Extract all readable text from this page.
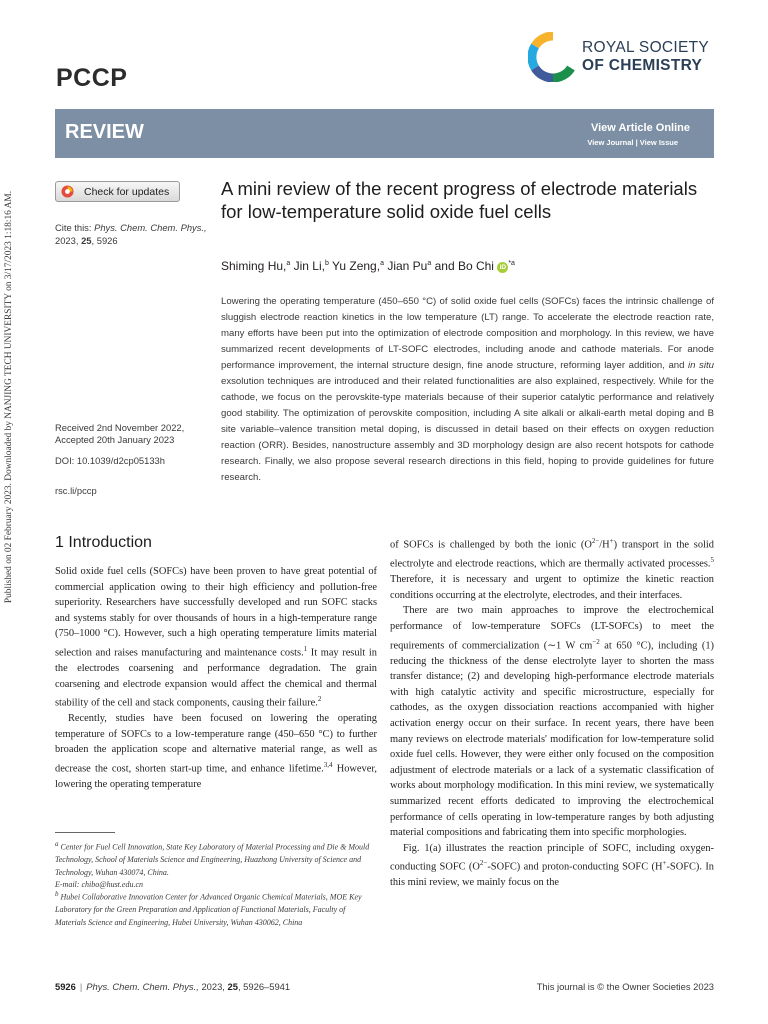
Published on 02 February 2023. Downloaded by NANJING TECH UNIVERSITY on 3/17/2023 1:18:16 AM.
PCCP
ROYAL SOCIETY
OF CHEMISTRY
REVIEW	View Article Online
View Journal | View Issue
Check for updates
Cite this: Phys. Chem. Chem. Phys., 2023, 25, 5926
A mini review of the recent progress of electrode materials for low-temperature solid oxide fuel cells
Shiming Hu,$^a$ Jin Li,$^b$ Yu Zeng,$^a$ Jian Pu$^a$ and Bo Chi $iD^{*a}$
Lowering the operating temperature (450–650 °C) of solid oxide fuel cells (SOFCs) faces the intrinsic challenge of sluggish electrode reaction kinetics in the low temperature (LT) range. To accelerate the electrode reaction rate, many efforts have been put into the optimization of electrode composition and morphology. In this review, we have summarized recent developments of LT-SOFC electrodes, including anode and cathode materials. For anode performance improvement, the internal structure design, fine anode structure, reforming layer addition, and in situ exsolution techniques are introduced and their related functionalities are also explained, respectively. While for the cathode, we focus on the perovskite-type materials because of their superior catalytic performance and relatively good stability. The optimization of perovskite composition, including A site alkali or alkali-earth metal doping and B site variable–valence transition metal doping, is discussed in detail based on their effects on oxygen reduction reaction (ORR). Besides, nanostructure assembly and 3D morphology design are also recent hotspots for cathode research. Finally, we also propose several research directions in this field, hoping to provide guidelines for future research.
Received 2nd November 2022,
Accepted 20th January 2023
DOI: 10.1039/d2cp05133h
rsc.li/pccp
1 Introduction

Solid oxide fuel cells (SOFCs) have been proven to have great potential of commercial application owing to their high efficiency and pollution-free superiority. Researchers have successfully developed and run SOFC stacks and systems stably for over thousands of hours in a high-temperature range (750–1000 °C). However, such a high operating temperature limits material selection and raises manufacturing and maintenance costs.$^1$ It may result in the electrodes coarsening and performance degradation. The grain coarsening and electrode expansion would affect the chemical and thermal stability of the cell and stack components, causing their failure.$^2$

Recently, studies have been focused on lowering the operating temperature of SOFCs to a low-temperature range (450–650 °C) to further broaden the application scope and alternative material range, as well as decrease the cost, shorten start-up time, and enhance lifetime.$^{3,4}$ However, lowering the operating temperature

of SOFCs is challenged by both the ionic $(O^{2-}/H^+)$ transport in the solid electrolyte and electrode reactions, which are thermally activated processes.$^5$ Therefore, it is necessary and urgent to optimize the kinetic reaction conditions occurring at the electrolyte, electrodes, and their interfaces.

There are two main approaches to improve the electrochemical performance of low-temperature SOFCs (LT-SOFCs) to meet the requirements of commercialization (∼1 W $cm^{-2}$ at 650 °C), including (1) reducing the thickness of the dense electrolyte layer to shorten the mass transfer distance; (2) and developing high-performance electrode materials with high catalytic activity and specific microstructure, especially for cathodes, as the oxygen dissociation reactions accompanied with higher activation energy occur on their surface. In recent years, there have been many reviews on electrode materials' modification for low-temperature solid oxide fuel cells. However, they were either only focused on the composition adjustment of electrode materials or a lack of a systematic classification of works about morphology modification. In this mini review, we systematically summarized recent efforts dedicated to improving the electrochemical performance of cells operating in low-temperature ranges by both adjusting material compositions and fabricating them into specific morphologies.

Fig. 1(a) illustrates the reaction principle of SOFC, including oxygen-conducting SOFC $(O^{2-}-SOFC)$ and proton-conducting SOFC (H+-SOFC). In this mini review, we mainly focus on the

$^a$ Center for Fuel Cell Innovation, State Key Laboratory of Material Processing and Die & Mould Technology, School of Materials Science and Engineering, Huazhong University of Science and Technology, Wuhan 430074, China.
E-mail: chibo@hust.edu.cn
$^b$ Hubei Collaborative Innovation Center for Advanced Organic Chemical Materials, MOE Key Laboratory for the Green Preparation and Application of Functional Materials, Faculty of Materials Science and Engineering, Hubei University, Wuhan 430062, China
5926 | Phys. Chem. Chem. Phys., 2023, 25, 5926–5941	This journal is © the Owner Societies 2023
